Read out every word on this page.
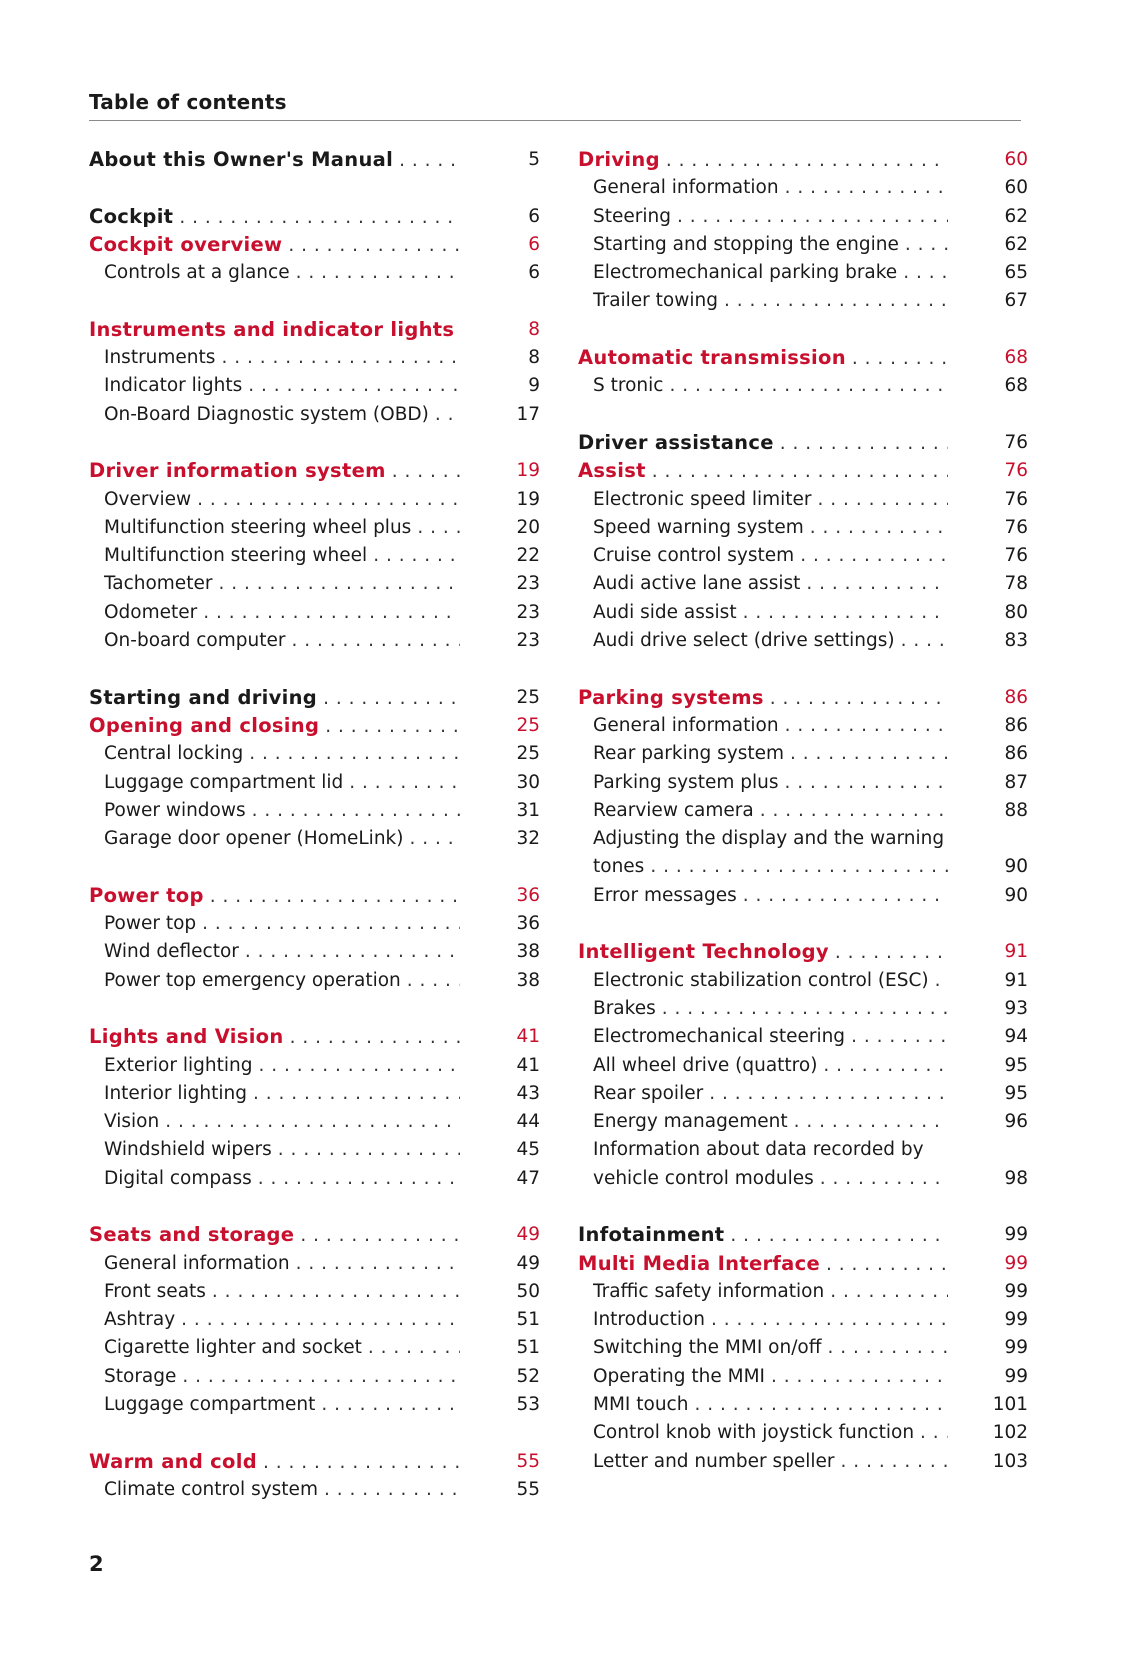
Table of contents
About this Owner's Manual . . .	5
Cockpit . . .	6
Cockpit overview . . .	6
Controls at a glance . . .	6
Instruments and indicator lights . . .	8
Instruments . . .	8
Indicator lights . . .	9
On-Board Diagnostic system (OBD) . . .	17
Driver information system . . .	19
Overview . . .	19
Multifunction steering wheel plus . . .	20
Multifunction steering wheel . . .	22
Tachometer . . .	23
Odometer . . .	23
On-board computer . . .	23
Starting and driving . . .	25
Opening and closing . . .	25
Central locking . . .	25
Luggage compartment lid . . .	30
Power windows . . .	31
Garage door opener (HomeLink) . . .	32
Power top . . .	36
Power top . . .	36
Wind deflector . . .	38
Power top emergency operation . . .	38
Lights and Vision . . .	41
Exterior lighting . . .	41
Interior lighting . . .	43
Vision . . .	44
Windshield wipers . . .	45
Digital compass . . .	47
Seats and storage . . .	49
General information . . .	49
Front seats . . .	50
Ashtray . . .	51
Cigarette lighter and socket . . .	51
Storage . . .	52
Luggage compartment . . .	53
Warm and cold . . .	55
Climate control system . . .	55
Driving . . .	60
General information . . .	60
Steering . . .	62
Starting and stopping the engine . . .	62
Electromechanical parking brake . . .	65
Trailer towing . . .	67
Automatic transmission . . .	68
S tronic . . .	68
Driver assistance . . .	76
Assist . . .	76
Electronic speed limiter . . .	76
Speed warning system . . .	76
Cruise control system . . .	76
Audi active lane assist . . .	78
Audi side assist . . .	80
Audi drive select (drive settings) . . .	83
Parking systems . . .	86
General information . . .	86
Rear parking system . . .	86
Parking system plus . . .	87
Rearview camera . . .	88
Adjusting the display and the warning
tones . . .	90
Error messages . . .	90
Intelligent Technology . . .	91
Electronic stabilization control (ESC) . . .	91
Brakes . . .	93
Electromechanical steering . . .	94
All wheel drive (quattro) . . .	95
Rear spoiler . . .	95
Energy management . . .	96
Information about data recorded by
vehicle control modules . . .	98
Infotainment . . .	99
Multi Media Interface . . .	99
Traffic safety information . . .	99
Introduction . . .	99
Switching the MMI on/off . . .	99
Operating the MMI . . .	99
MMI touch . . .	101
Control knob with joystick function . . .	102
Letter and number speller . . .	103
2
